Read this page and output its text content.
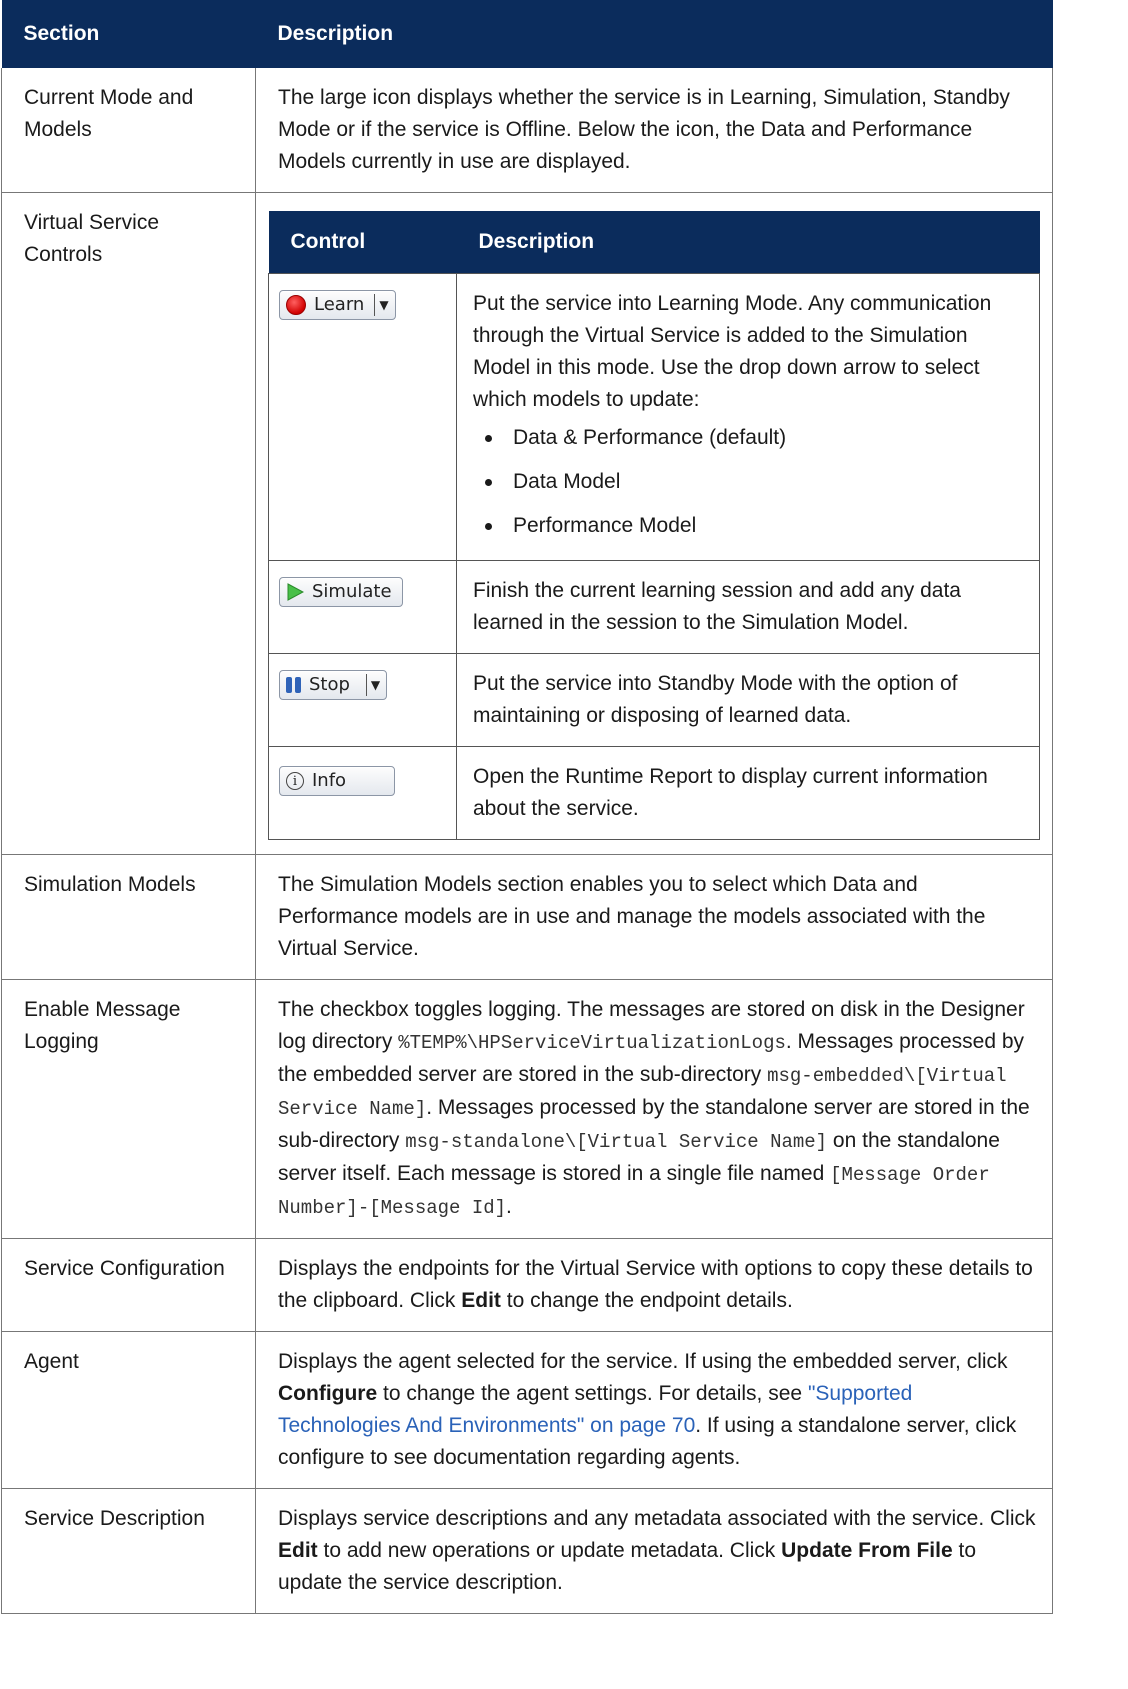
Section	Description
Current Mode and Models	The large icon displays whether the service is in Learning, Simulation, Standby Mode or if the service is Offline. Below the icon, the Data and Performance Models currently in use are displayed.
Virtual Service Controls	
Control	Description

Learn ▼	Put the service into Learning Mode. Any communication through the Virtual Service is added to the Simulation Model in this mode. Use the drop down arrow to select which models to update:
Data & Performance (default)
Data Model
Performance Model

Simulate	Finish the current learning session and add any data learned in the session to the Simulation Model.

Stop ▼	Put the service into Standby Mode with the option of maintaining or disposing of learned data.

i Info	Open the Runtime Report to display current information about the service.

Simulation Models	The Simulation Models section enables you to select which Data and Performance models are in use and manage the models associated with the Virtual Service.
Enable Message Logging	The checkbox toggles logging. The messages are stored on disk in the Designer log directory %TEMP%\HPServiceVirtualizationLogs. Messages processed by the embedded server are stored in the sub-directory msg-embedded\[Virtual Service Name]. Messages processed by the standalone server are stored in the sub-directory msg-standalone\[Virtual Service Name] on the standalone server itself. Each message is stored in a single file named [Message Order Number]-[Message Id].
Service Configuration	Displays the endpoints for the Virtual Service with options to copy these details to the clipboard. Click Edit to change the endpoint details.
Agent	Displays the agent selected for the service. If using the embedded server, click Configure to change the agent settings. For details, see "Supported Technologies And Environments" on page 70. If using a standalone server, click configure to see documentation regarding agents.
Service Description	Displays service descriptions and any metadata associated with the service. Click Edit to add new operations or update metadata. Click Update From File to update the service description.
